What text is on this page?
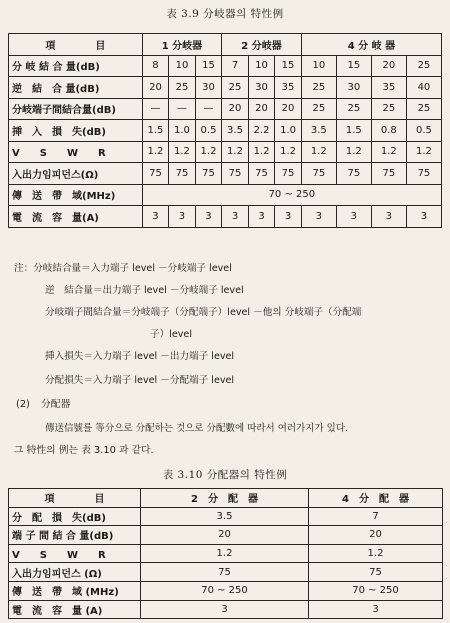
表 3.9 分岐器의 特性例
項　　　　目	1 分岐器			2 分岐器			4 分 岐 器			
分 岐 結 合 量(dB)	8	10	15	7	10	15	10	15	20	25
逆　結　合 量(dB)	20	25	30	25	30	35	25	30	35	40
分岐端子間結合量(dB)	—	—	—	20	20	20	25	25	25	25
挿　入　損　失(dB)	1.5	1.0	0.5	3.5	2.2	1.0	3.5	1.5	0.8	0.5
V　　S　　W　　R	1.2	1.2	1.2	1.2	1.2	1.2	1.2	1.2	1.2	1.2
入出力임피던스(Ω)	75	75	75	75	75	75	75	75	75	75
傳　送　帶　域(MHz)	70 ~ 250									
電　流　容　量(A)	3	3	3	3	3	3	3	3	3	3
注：分岐結合量＝入力端子 level －分岐端子 level
逆　結合量＝出力端子 level －分岐端子 level
分岐端子間結合量＝分岐端子（分配端子）level －他의 分岐端子（分配端
子）level
挿入損失＝入力端子 level －出力端子 level
分配損失＝入力端子 level －分配端子 level
(2) 分配器
傳送信號를 等分으로 分配하는 것으로 分配數에 따라서 여러가지가 있다.
그 特性의 例는 表 3.10 과 같다.
表 3.10 分配器의 特性例
項　　　　目	2　分　配　器	4　分　配　器
分　配　損　失(dB)	3.5	7
端 子 間 結 合 量(dB)	20	20
V　　S　　W　　R	1.2	1.2
入出力임피던스 (Ω)	75	75
傳　送　帶　域 (MHz)	70 ~ 250	70 ~ 250
電　流　容　量 (A)	3	3
